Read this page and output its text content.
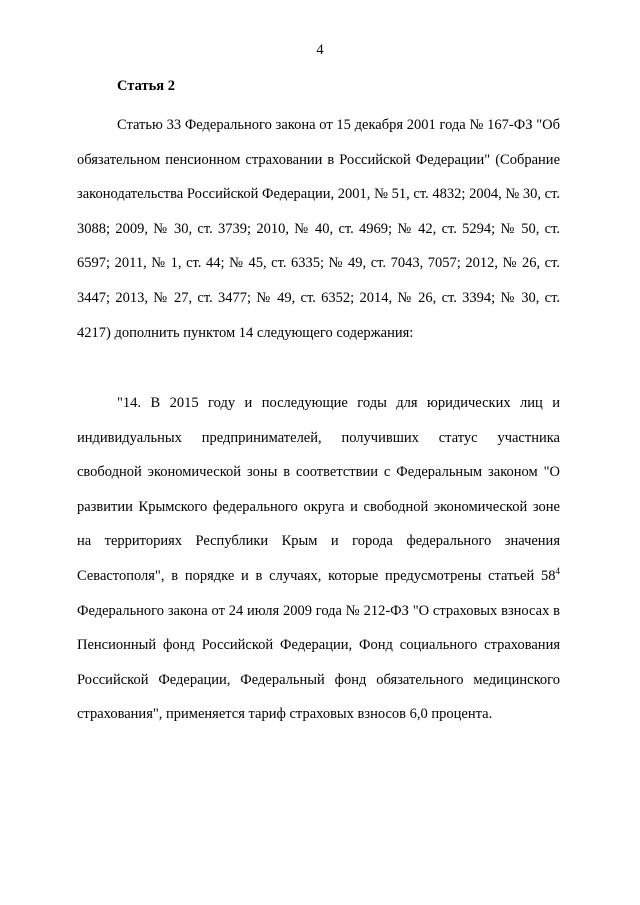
4
Статья 2

Статью 33 Федерального закона от 15 декабря 2001 года № 167-ФЗ "Об обязательном пенсионном страховании в Российской Федерации" (Собрание законодательства Российской Федерации, 2001, № 51, ст. 4832; 2004, № 30, ст. 3088; 2009, № 30, ст. 3739; 2010, № 40, ст. 4969; № 42, ст. 5294; № 50, ст. 6597; 2011, № 1, ст. 44; № 45, ст. 6335; № 49, ст. 7043, 7057; 2012, № 26, ст. 3447; 2013, № 27, ст. 3477; № 49, ст. 6352; 2014, № 26, ст. 3394; № 30, ст. 4217) дополнить пунктом 14 следующего содержания:

"14. В 2015 году и последующие годы для юридических лиц и индивидуальных предпринимателей, получивших статус участника свободной экономической зоны в соответствии с Федеральным законом "О развитии Крымского федерального округа и свободной экономической зоне на территориях Республики Крым и города федерального значения Севастополя", в порядке и в случаях, которые предусмотрены статьей $58^4$ Федерального закона от 24 июля 2009 года № 212-ФЗ "О страховых взносах в Пенсионный фонд Российской Федерации, Фонд социального страхования Российской Федерации, Федеральный фонд обязательного медицинского страхования", применяется тариф страховых взносов 6,0 процента.
